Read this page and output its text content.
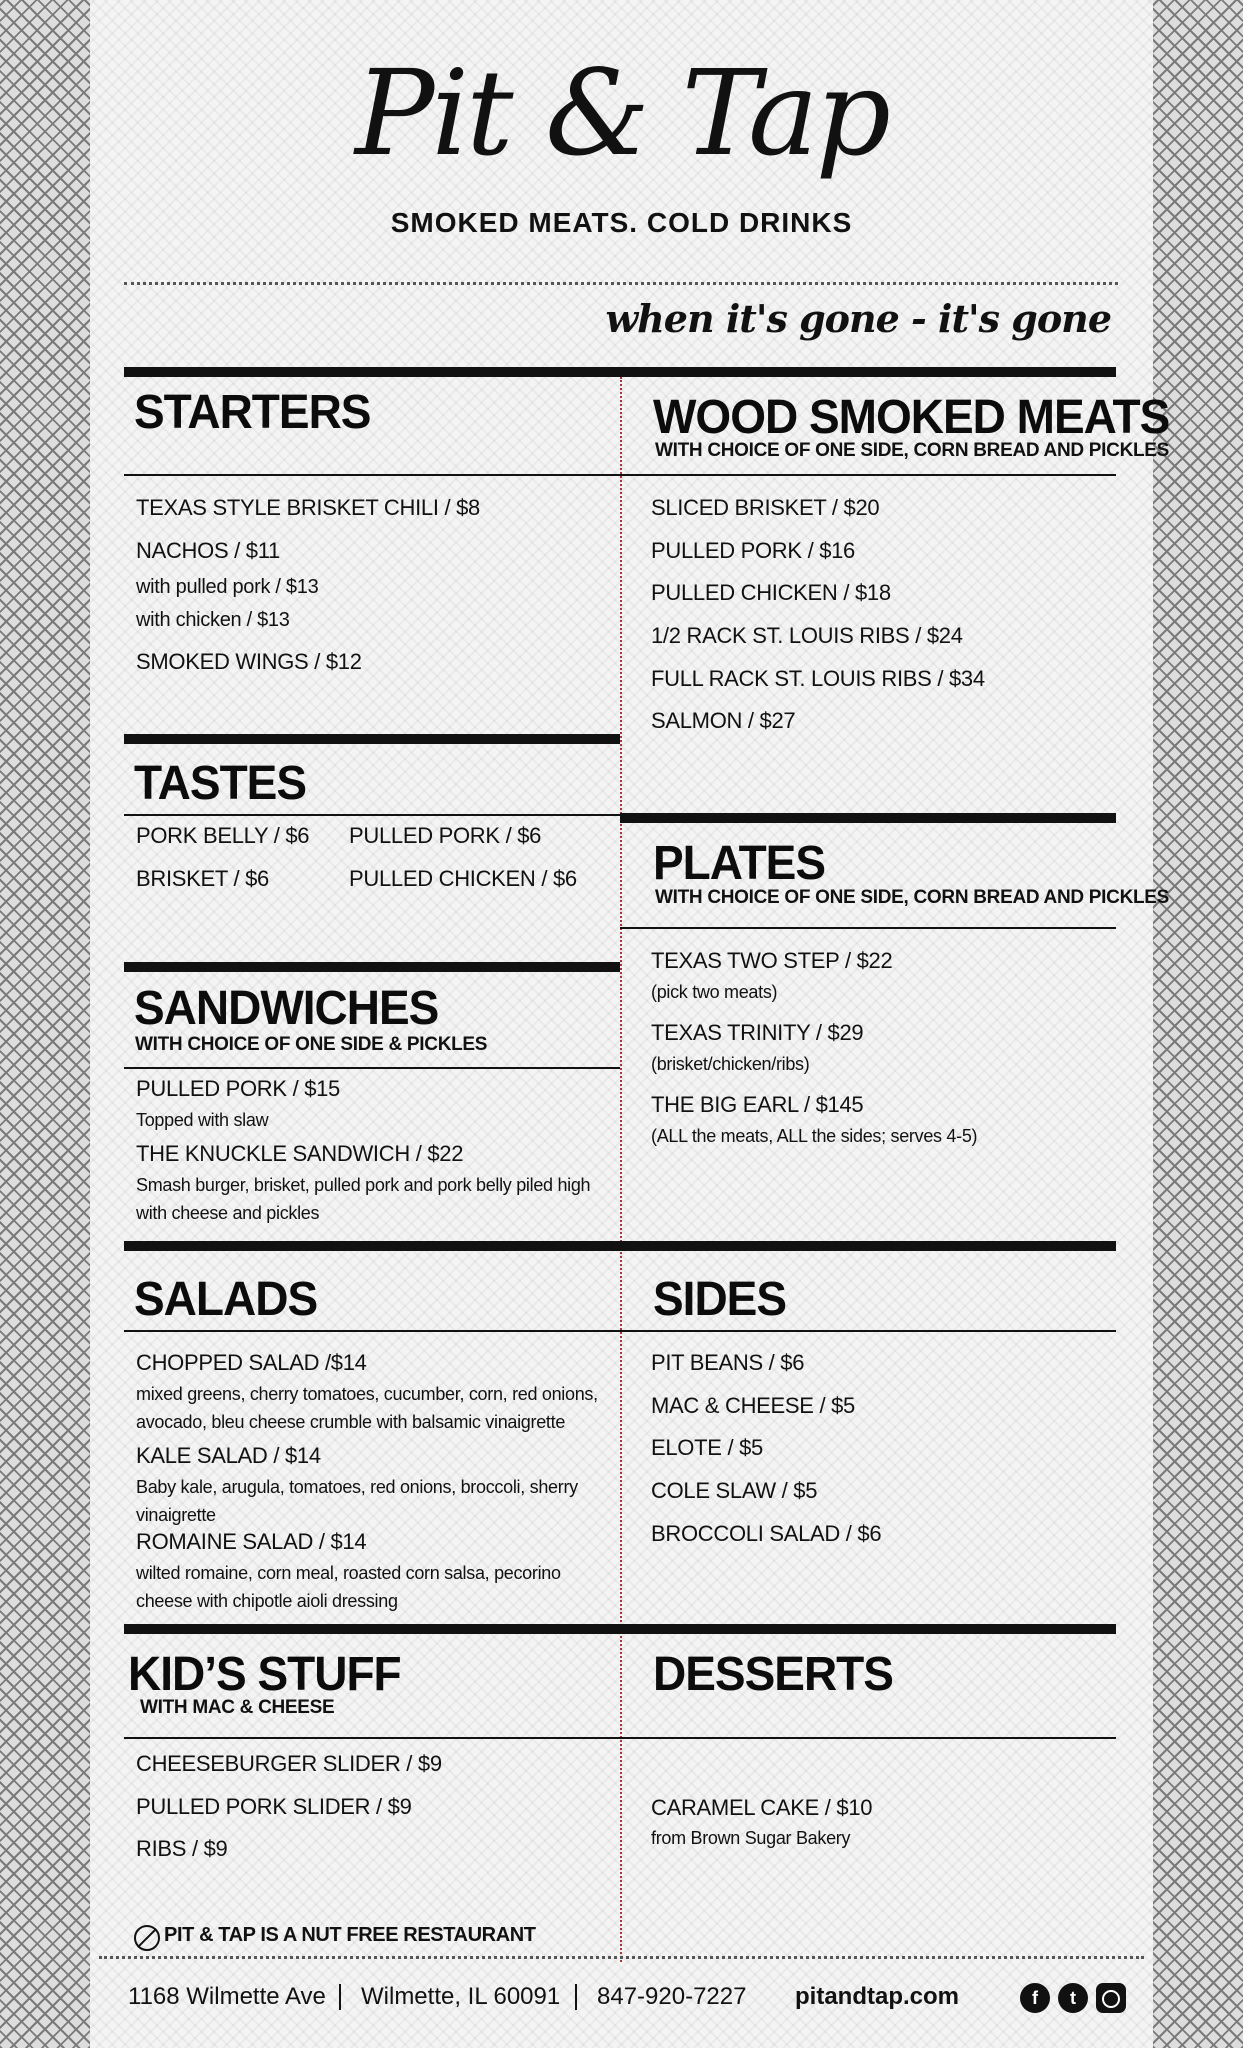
Pit & Tap
SMOKED MEATS. COLD DRINKS
when it's gone - it's gone
STARTERS
TEXAS STYLE BRISKET CHILI / $8
NACHOS / $11
with pulled pork / $13
with chicken / $13
SMOKED WINGS / $12
WOOD SMOKED MEATS
WITH CHOICE OF ONE SIDE, CORN BREAD AND PICKLES
SLICED BRISKET / $20
PULLED PORK / $16
PULLED CHICKEN / $18
1/2 RACK ST. LOUIS RIBS / $24
FULL RACK ST. LOUIS RIBS / $34
SALMON / $27
TASTES
PORK BELLY / $6 PULLED PORK / $6
BRISKET / $6	PULLED CHICKEN / $6 PLATES
WITH CHOICE OF ONE SIDE, CORN BREAD AND PICKLES
TEXAS TWO STEP / $22
(pick two meats)
TEXAS TRINITY / $29
(brisket/chicken/ribs)
THE BIG EARL / $145
(ALL the meats, ALL the sides; serves 4-5)
SANDWICHES
WITH CHOICE OF ONE SIDE & PICKLES
PULLED PORK / $15
Topped with slaw
THE KNUCKLE SANDWICH / $22
Smash burger, brisket, pulled pork and pork belly piled high with cheese and pickles
SALADS	SIDES
CHOPPED SALAD /$14
mixed greens, cherry tomatoes, cucumber, corn, red onions, avocado, bleu cheese crumble with balsamic vinaigrette
KALE SALAD / $14
Baby kale, arugula, tomatoes, red onions, broccoli, sherry vinaigrette
ROMAINE SALAD / $14
wilted romaine, corn meal, roasted corn salsa, pecorino cheese with chipotle aioli dressing
PIT BEANS / $6
MAC & CHEESE / $5
ELOTE / $5
COLE SLAW / $5
BROCCOLI SALAD / $6
KID’S STUFF
WITH MAC & CHEESE
DESSERTS
CHEESEBURGER SLIDER / $9
PULLED PORK SLIDER / $9
RIBS / $9
CARAMEL CAKE / $10
from Brown Sugar Bakery
PIT & TAP IS A NUT FREE RESTAURANT
1168 Wilmette Ave Wilmette, IL 60091 847-920-7227 pitandtap.com	f	t
